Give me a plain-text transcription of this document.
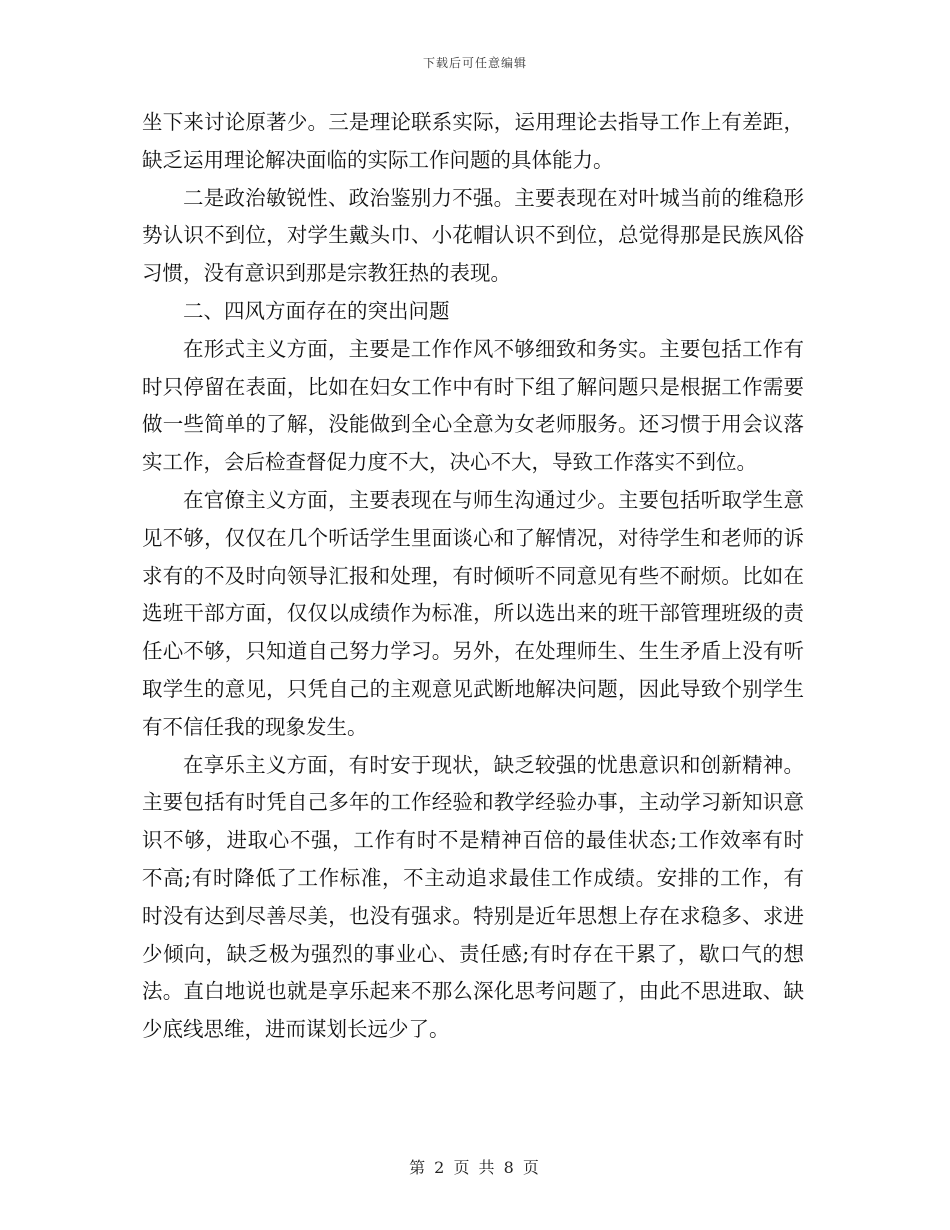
下载后可任意编辑

坐下来讨论原著少。三是理论联系实际，运用理论去指导工作上有差距，缺乏运用理论解决面临的实际工作问题的具体能力。

二是政治敏锐性、政治鉴别力不强。主要表现在对叶城当前的维稳形势认识不到位，对学生戴头巾、小花帽认识不到位，总觉得那是民族风俗习惯，没有意识到那是宗教狂热的表现。

二、四风方面存在的突出问题

在形式主义方面，主要是工作作风不够细致和务实。主要包括工作有时只停留在表面，比如在妇女工作中有时下组了解问题只是根据工作需要做一些简单的了解，没能做到全心全意为女老师服务。还习惯于用会议落实工作，会后检查督促力度不大，决心不大，导致工作落实不到位。

在官僚主义方面，主要表现在与师生沟通过少。主要包括听取学生意见不够，仅仅在几个听话学生里面谈心和了解情况，对待学生和老师的诉求有的不及时向领导汇报和处理，有时倾听不同意见有些不耐烦。比如在选班干部方面，仅仅以成绩作为标准，所以选出来的班干部管理班级的责任心不够，只知道自己努力学习。另外，在处理师生、生生矛盾上没有听取学生的意见，只凭自己的主观意见武断地解决问题，因此导致个别学生有不信任我的现象发生。

在享乐主义方面，有时安于现状，缺乏较强的忧患意识和创新精神。主要包括有时凭自己多年的工作经验和教学经验办事，主动学习新知识意识不够，进取心不强，工作有时不是精神百倍的最佳状态;工作效率有时不高;有时降低了工作标准，不主动追求最佳工作成绩。安排的工作，有时没有达到尽善尽美，也没有强求。特别是近年思想上存在求稳多、求进少倾向，缺乏极为强烈的事业心、责任感;有时存在干累了，歇口气的想法。直白地说也就是享乐起来不那么深化思考问题了，由此不思进取、缺少底线思维，进而谋划长远少了。

第 2 页 共 8 页
